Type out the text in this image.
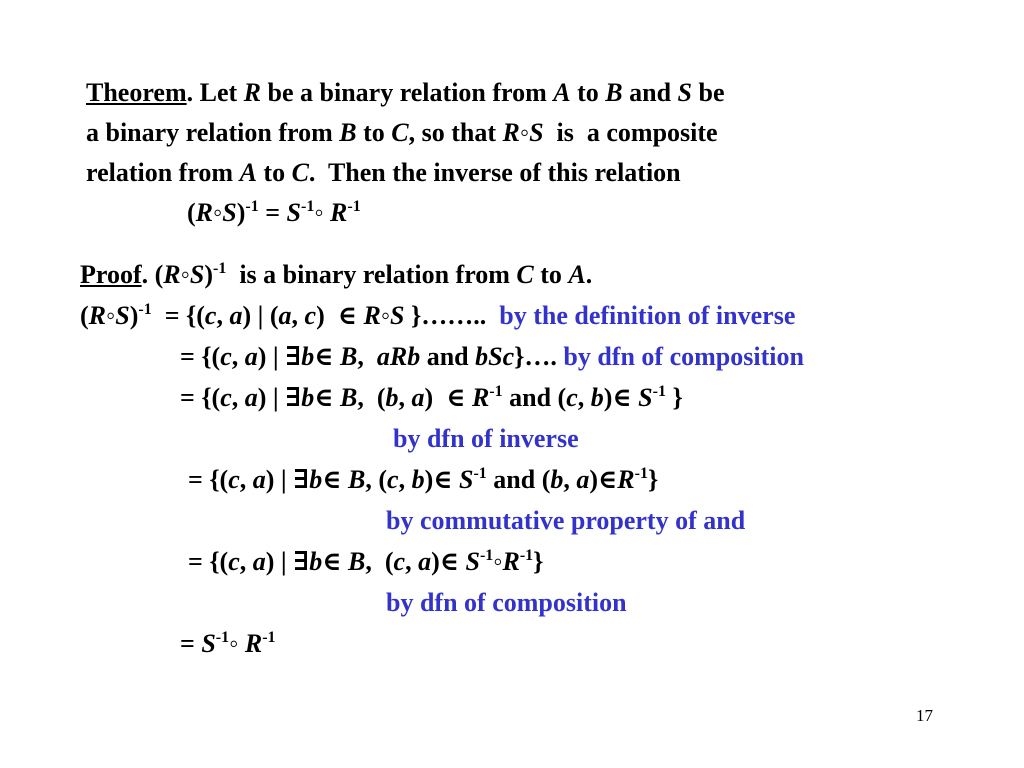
Theorem. Let R be a binary relation from A to B and S be
a binary relation from B to C, so that R◦S  is  a composite
relation from A to C.  Then the inverse of this relation
(R◦S)$^{-1}$ = $S^{-1}◦$ $R^{-1}$
Proof. (R◦S)$^{-1}$  is a binary relation from C to A.
(R◦S)$^{-1}$  = {(c, a) | (a, c)  ∈ R◦S }……..  by the definition of inverse
= {(c, a) | ∃b∈ B,  aRb and bSc}…. by dfn of composition
= {(c, a) | ∃b∈ B,  (b, a)  ∈ $R^{-1}$ and (c, b)∈ $S^{-1}$ }
by dfn of inverse
= {(c, a) | ∃b∈ B, (c, b)∈ $S^{-1}$ and (b, $a)\in R^{-1}$}
by commutative property of and
= {(c, a) | ∃b∈ B,  (c, a)∈ $S^{-1}◦R^{-1}$}
by dfn of composition
= $S^{-1}◦$ $R^{-1}$
17
